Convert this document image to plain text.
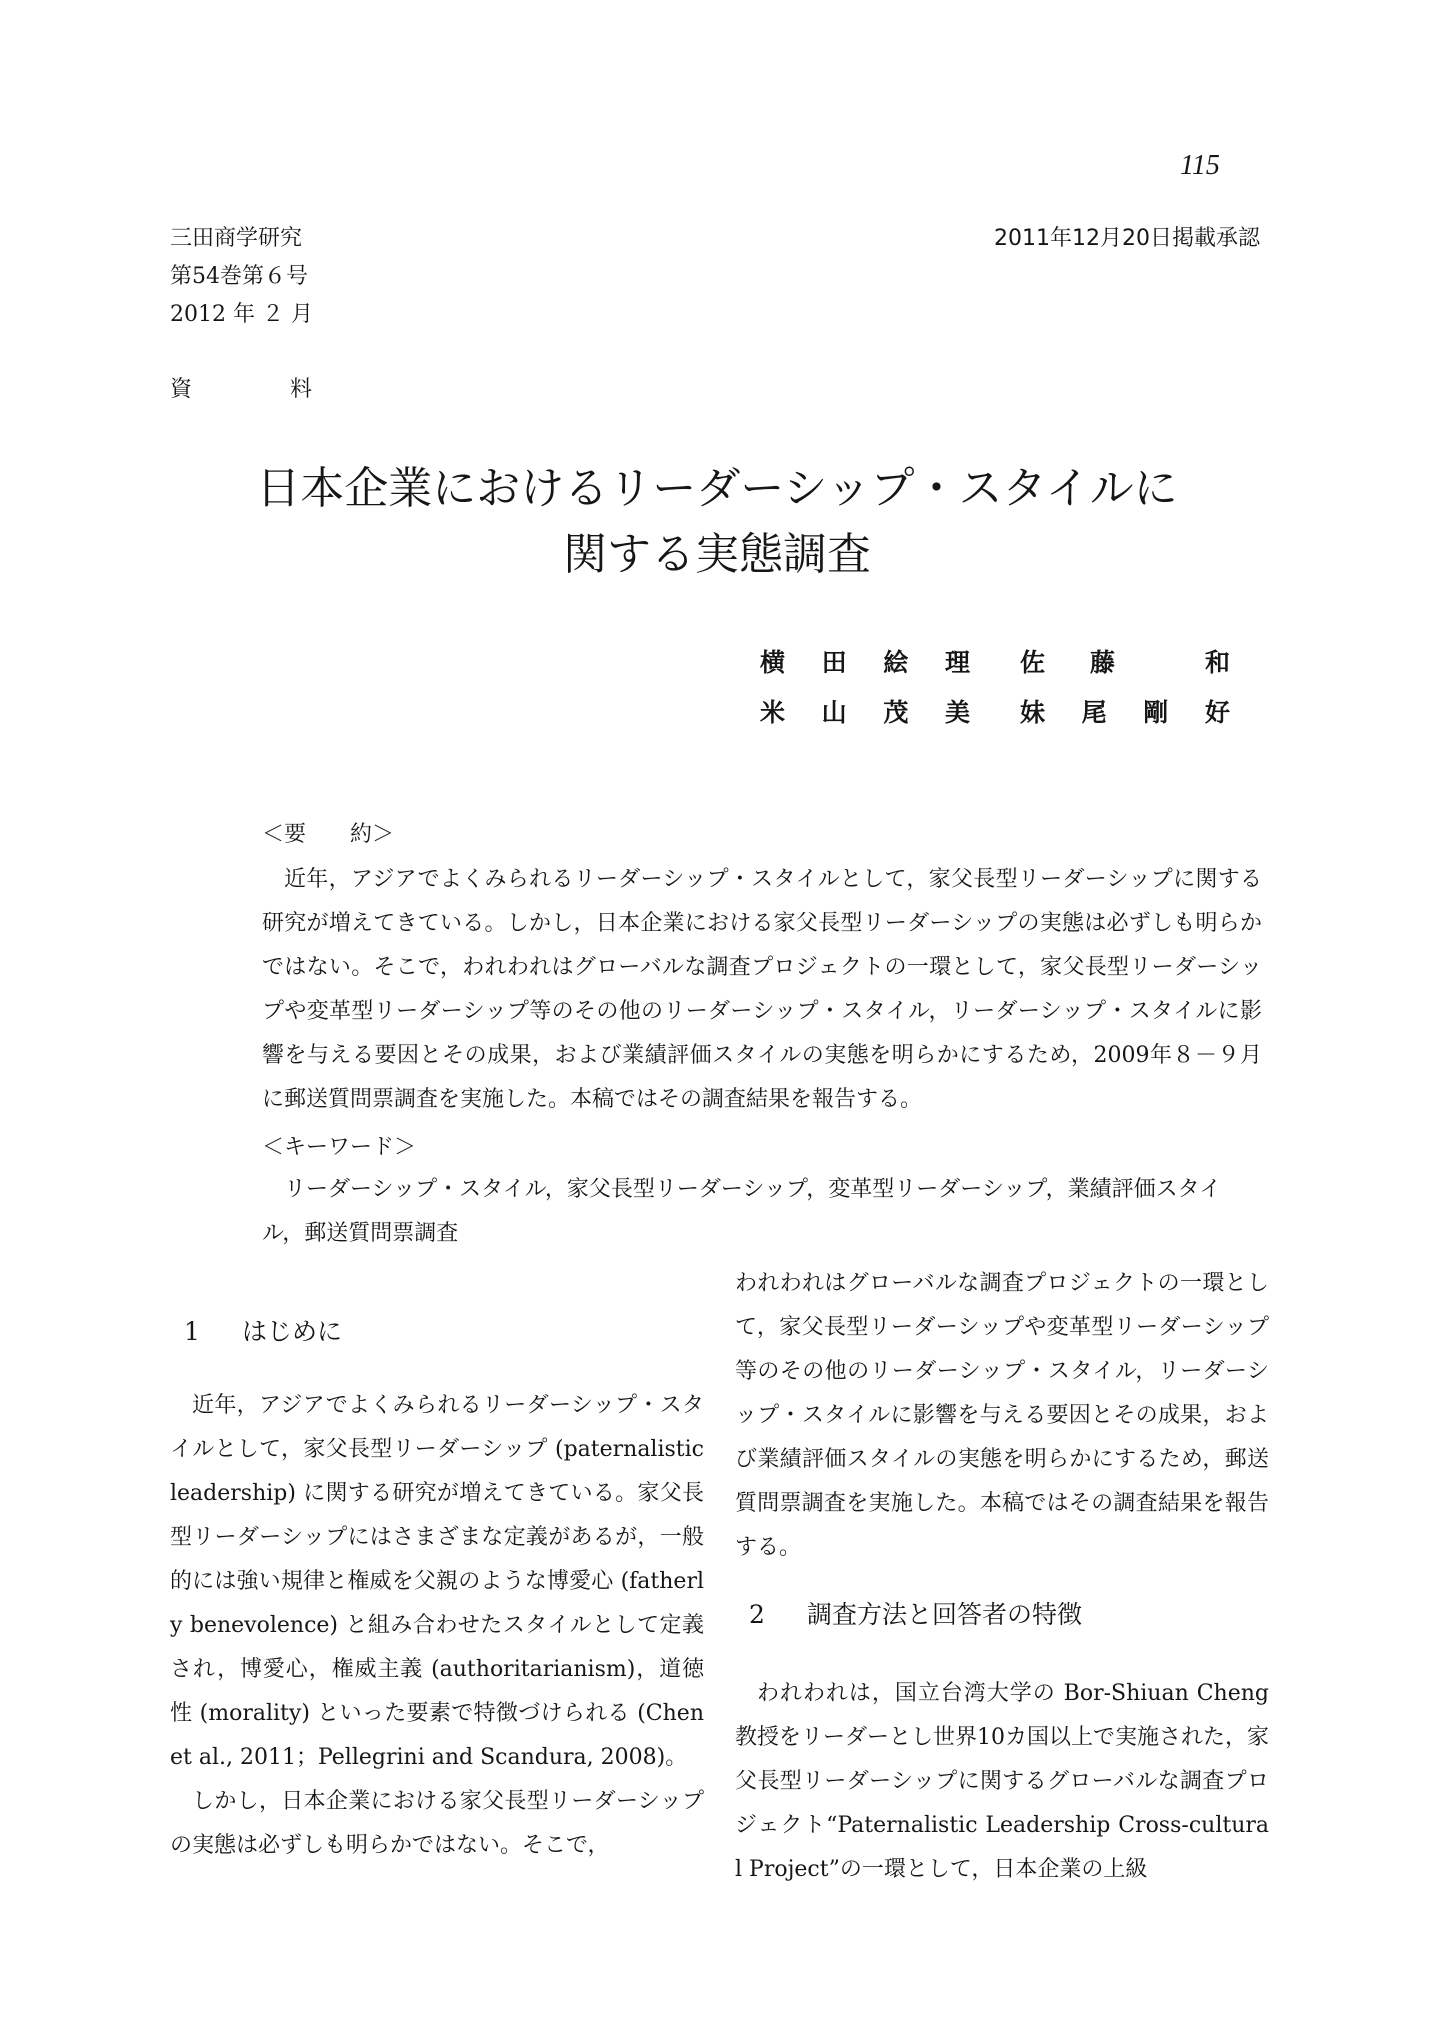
115
三田商学研究
第54巻第６号
2012 年 ２ 月
2011年12月20日掲載承認
資	料
日本企業におけるリーダーシップ・スタイルに
関する実態調査
横 田 絵 理 佐 藤	和
米 山 茂 美 妹 尾 剛 好
＜要　　約＞
近年，アジアでよくみられるリーダーシップ・スタイルとして，家父長型リーダーシップに関する研究が増えてきている。しかし，日本企業における家父長型リーダーシップの実態は必ずしも明らかではない。そこで，われわれはグローバルな調査プロジェクトの一環として，家父長型リーダーシップや変革型リーダーシップ等のその他のリーダーシップ・スタイル，リーダーシップ・スタイルに影響を与える要因とその成果，および業績評価スタイルの実態を明らかにするため，2009年８－９月に郵送質問票調査を実施した。本稿ではその調査結果を報告する。
＜キーワード＞
リーダーシップ・スタイル，家父長型リーダーシップ，変革型リーダーシップ，業績評価スタイル，郵送質問票調査
1 はじめに

近年，アジアでよくみられるリーダーシップ・スタイルとして，家父長型リーダーシップ (paternalistic leadership) に関する研究が増えてきている。家父長型リーダーシップにはさまざまな定義があるが，一般的には強い規律と権威を父親のような博愛心 (fatherly benevolence) と組み合わせたスタイルとして定義され，博愛心，権威主義 (authoritarianism)，道徳性 (morality) といった要素で特徴づけられる (Chen et al., 2011；Pellegrini and Scandura, 2008)。

しかし，日本企業における家父長型リーダーシップの実態は必ずしも明らかではない。そこで，

われわれはグローバルな調査プロジェクトの一環として，家父長型リーダーシップや変革型リーダーシップ等のその他のリーダーシップ・スタイル，リーダーシップ・スタイルに影響を与える要因とその成果，および業績評価スタイルの実態を明らかにするため，郵送質問票調査を実施した。本稿ではその調査結果を報告する。

2 調査方法と回答者の特徴

われわれは，国立台湾大学の Bor-Shiuan Cheng 教授をリーダーとし世界10カ国以上で実施された，家父長型リーダーシップに関するグローバルな調査プロジェクト“Paternalistic Leadership Cross-cultural Project”の一環として，日本企業の上級
